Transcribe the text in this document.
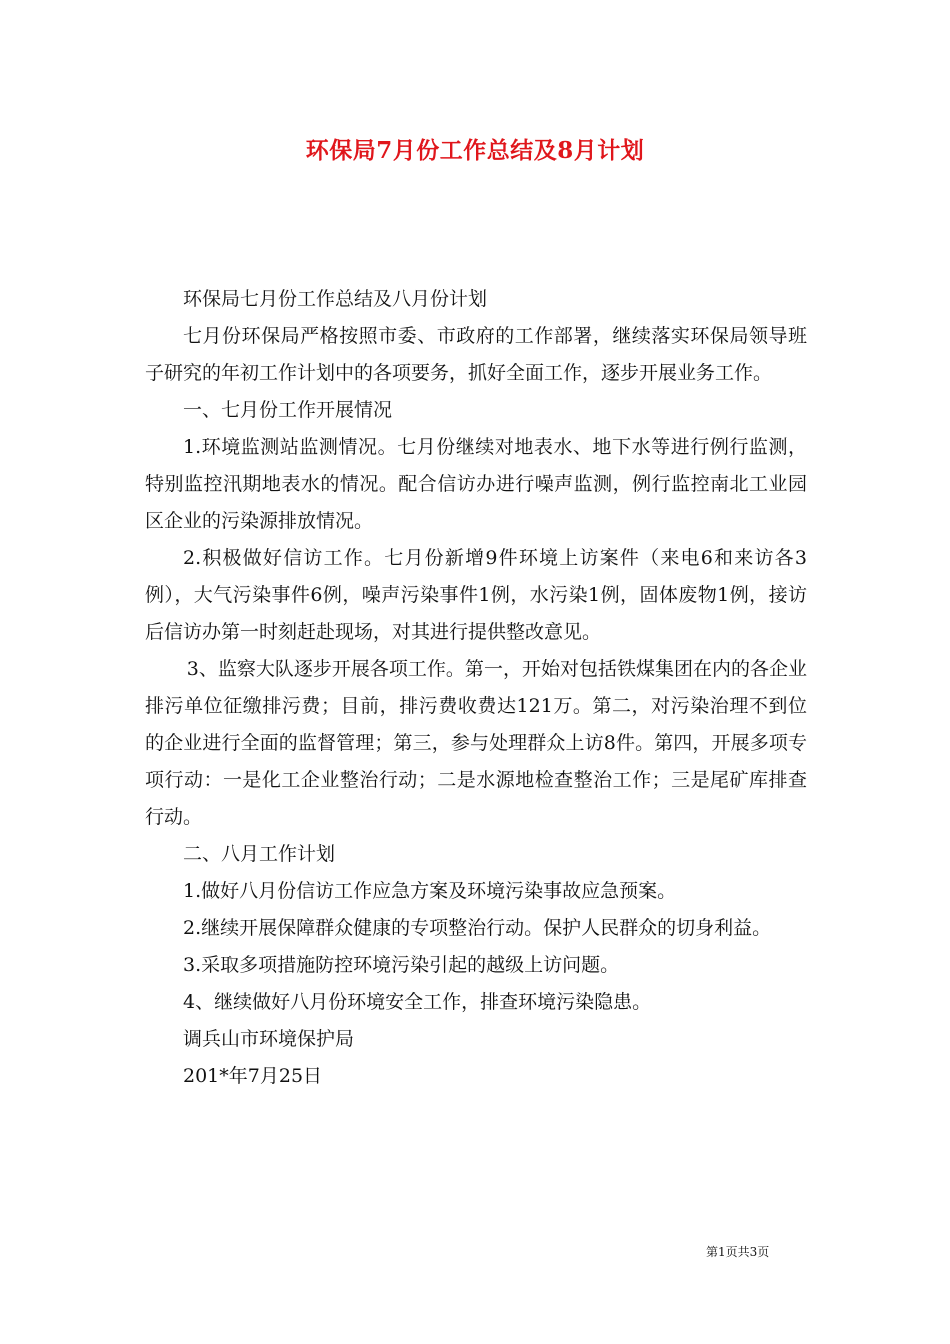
环保局7月份工作总结及8月计划

环保局七月份工作总结及八月份计划

七月份环保局严格按照市委、市政府的工作部署，继续落实环保局领导班子研究的年初工作计划中的各项要务，抓好全面工作，逐步开展业务工作。

一、七月份工作开展情况

1.环境监测站监测情况。七月份继续对地表水、地下水等进行例行监测，特别监控汛期地表水的情况。配合信访办进行噪声监测，例行监控南北工业园区企业的污染源排放情况。

2.积极做好信访工作。七月份新增9件环境上访案件（来电6和来访各3例），大气污染事件6例，噪声污染事件1例，水污染1例，固体废物1例，接访后信访办第一时刻赶赴现场，对其进行提供整改意见。

3、监察大队逐步开展各项工作。第一，开始对包括铁煤集团在内的各企业排污单位征缴排污费；目前，排污费收费达121万。第二，对污染治理不到位的企业进行全面的监督管理；第三，参与处理群众上访8件。第四，开展多项专项行动：一是化工企业整治行动；二是水源地检查整治工作；三是尾矿库排查行动。

二、八月工作计划

1.做好八月份信访工作应急方案及环境污染事故应急预案。

2.继续开展保障群众健康的专项整治行动。保护人民群众的切身利益。

3.采取多项措施防控环境污染引起的越级上访问题。

4、继续做好八月份环境安全工作，排查环境污染隐患。

调兵山市环境保护局

201*年7月25日

第1页共3页
